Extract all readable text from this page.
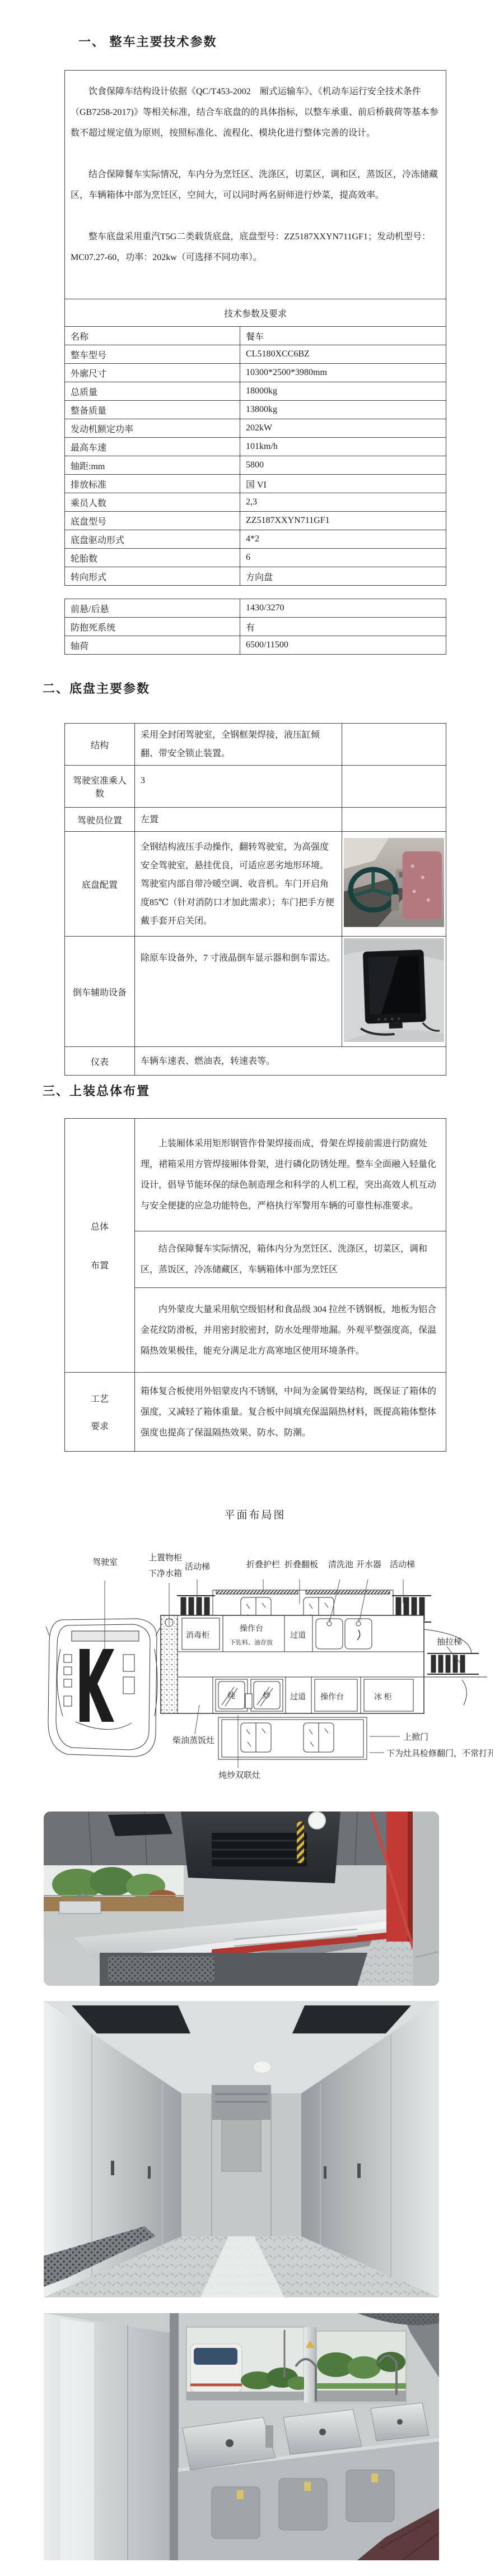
一、 整车主要技术参数

饮食保障车结构设计依据《QC/T453-2002　厢式运输车》、《机动车运行安全技术条件（GB7258-2017)》等相关标准，结合车底盘的的具体指标，以整车承重、前后桥载荷等基本参数不超过规定值为原则，按照标准化、流程化、模块化进行整体完善的设计。

结合保障餐车实际情况，车内分为烹饪区、洗涤区，切菜区，调和区，蒸饭区，冷冻储藏区，车辆箱体中部为烹饪区，空间大，可以同时两名厨师进行炒菜，提高效率。

整车底盘采用重汽T5G二类载货底盘，底盘型号：ZZ5187XXYN711GF1；发动机型号：MC07.27-60，功率：202kw（可选择不同功率）。	

技术参数及要求	
名称	餐车
整车型号	CL5180XCC6BZ
外廓尺寸	10300*2500*3980mm
总质量	18000kg
整备质量	13800kg
发动机额定功率	202kW
最高车速	101km/h
轴距:mm	5800
排放标准	国 VI
乘员人数	2,3
底盘型号	ZZ5187XXYN711GF1
底盘驱动形式	4*2
轮胎数	6
转向形式	方向盘
前悬/后悬	1430/3270
防抱死系统	有
轴荷	6500/11500
二、底盘主要参数
结构	采用全封闭驾驶室，全钢框架焊接，液压缸倾翻、带安全锁止装置。	
驾驶室准乘人数	3	
驾驶员位置	左置	
底盘配置	全钢结构液压手动操作，翻转驾驶室，为高强度安全驾驶室，悬挂优良，可适应恶劣地形环境。驾驶室内部自带冷暖空调、收音机。车门开启角度85℃（针对消防口才加此需求）；车门把手方便戴手套开启关闭。	
倒车辅助设备	除原车设备外，7 寸液晶倒车显示器和倒车雷达。	
仪表	车辆车速表、燃油表，转速表等。	
三、上装总体布置
总体
布置	上装厢体采用矩形钢管作骨架焊接而成，骨架在焊接前需进行防腐处理，裙箱采用方管焊接厢体骨架，进行磷化防锈处理。整车全面融入轻量化设计，倡导节能环保的绿色制造理念和科学的人机工程，突出高效人机互动与安全便捷的应急功能特色，严格执行军警用车辆的可靠性标准要求。

	结合保障餐车实际情况，箱体内分为烹饪区、洗涤区，切菜区，调和区，蒸饭区，冷冻储藏区，车辆箱体中部为烹饪区

	内外蒙皮大量采用航空级铝材和食品级 304 拉丝不锈钢板，地板为铝合金花纹防滑板，并用密封胶密封，防水处理带地漏。外观平整强度高，保温隔热效果极佳，能充分满足北方高寒地区使用环境条件。

工艺
要求	箱体复合板使用外铝蒙皮内不锈钢，中间为金属骨架结构，既保证了箱体的强度，又减轻了箱体重量。复合板中间填充保温隔热材料，既提高箱体整体强度也提高了保温隔热效果、防水、防潮。
平面布局图
驾驶室	上置物柜
下净水箱
活动梯	折叠护栏 折叠翻板 清洗池 开水器 活动梯
抽拉梯
消毒柜
操作台
下佐料、油存放
过道
炖	炒	过道 操作台	冰 柜
柴油蒸饭灶	上掀门
下为灶具检修翻门，不常打开
炖炒双联灶
